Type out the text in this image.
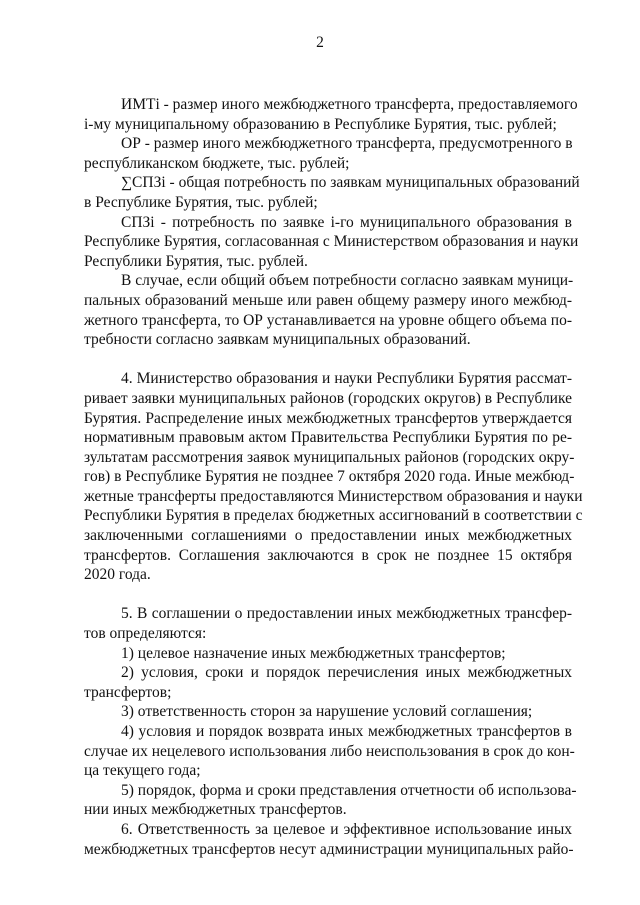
2

ИМТi - размер иного межбюджетного трансферта, предоставляемого
i-му муниципальному образованию в Республике Бурятия, тыс. рублей;

ОР - размер иного межбюджетного трансферта, предусмотренного в
республиканском бюджете, тыс. рублей;

∑СПЗi - общая потребность по заявкам муниципальных образований
в Республике Бурятия, тыс. рублей;

СПЗi - потребность по заявке i-го муниципального образования в
Республике Бурятия, согласованная с Министерством образования и науки
Республики Бурятия, тыс. рублей.

В случае, если общий объем потребности согласно заявкам муници-
пальных образований меньше или равен общему размеру иного межбюд-
жетного трансферта, то ОР устанавливается на уровне общего объема по-
требности согласно заявкам муниципальных образований.

4. Министерство образования и науки Республики Бурятия рассмат-
ривает заявки муниципальных районов (городских округов) в Республике
Бурятия. Распределение иных межбюджетных трансфертов утверждается
нормативным правовым актом Правительства Республики Бурятия по ре-
зультатам рассмотрения заявок муниципальных районов (городских окру-
гов) в Республике Бурятия не позднее 7 октября 2020 года. Иные межбюд-
жетные трансферты предоставляются Министерством образования и науки
Республики Бурятия в пределах бюджетных ассигнований в соответствии с
заключенными соглашениями о предоставлении иных межбюджетных
трансфертов. Соглашения заключаются в срок не позднее 15 октября
2020 года.

5. В соглашении о предоставлении иных межбюджетных трансфер-
тов определяются:

1) целевое назначение иных межбюджетных трансфертов;

2) условия, сроки и порядок перечисления иных межбюджетных
трансфертов;

3) ответственность сторон за нарушение условий соглашения;

4) условия и порядок возврата иных межбюджетных трансфертов в
случае их нецелевого использования либо неиспользования в срок до кон-
ца текущего года;

5) порядок, форма и сроки представления отчетности об использова-
нии иных межбюджетных трансфертов.

6. Ответственность за целевое и эффективное использование иных
межбюджетных трансфертов несут администрации муниципальных райо-
